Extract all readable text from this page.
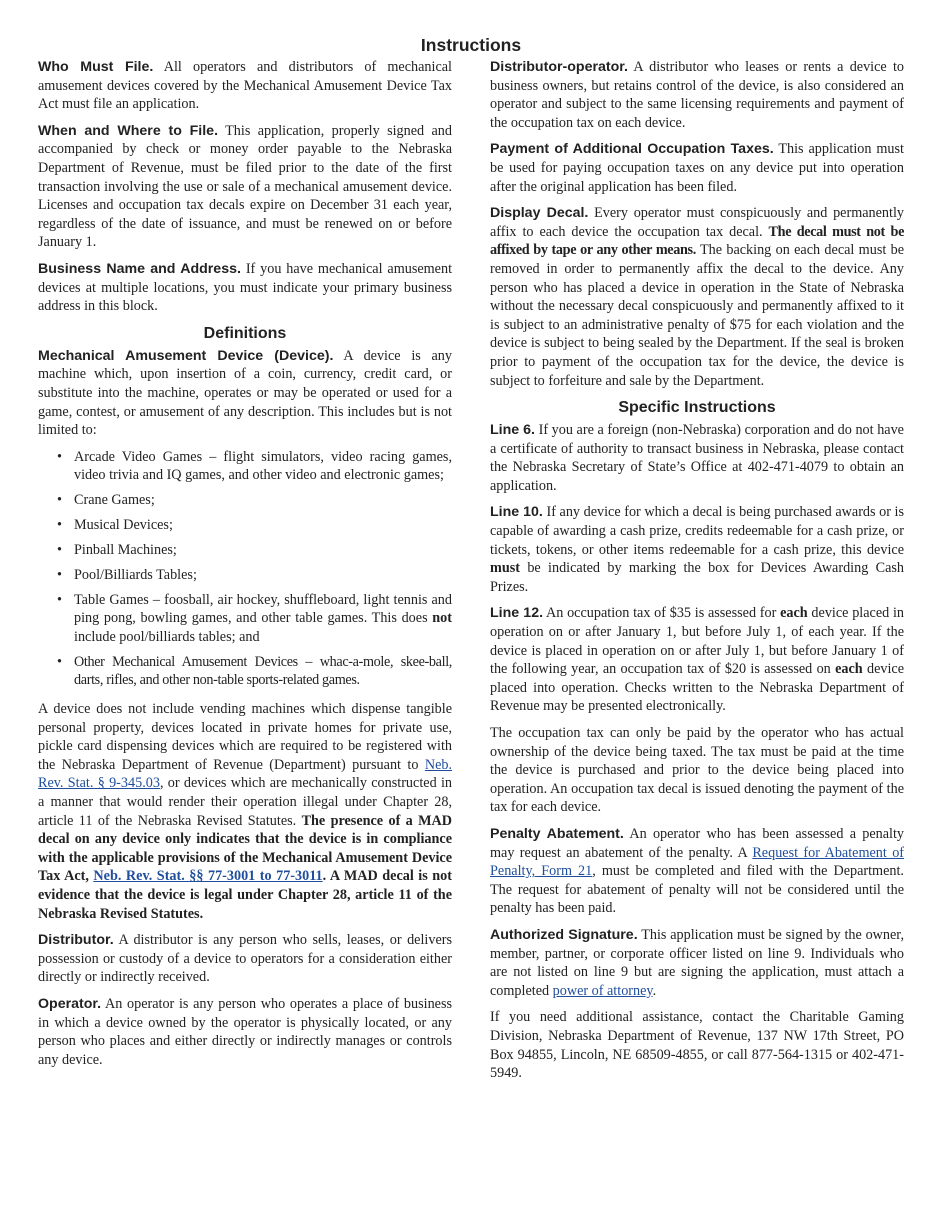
Instructions

Who Must File. All operators and distributors of mechanical amusement devices covered by the Mechanical Amusement Device Tax Act must file an application.

When and Where to File. This application, properly signed and accompanied by check or money order payable to the Nebraska Department of Revenue, must be filed prior to the date of the first transaction involving the use or sale of a mechanical amusement device. Licenses and occupation tax decals expire on December 31 each year, regardless of the date of issuance, and must be renewed on or before January 1.

Business Name and Address. If you have mechanical amusement devices at multiple locations, you must indicate your primary business address in this block.

Definitions

Mechanical Amusement Device (Device). A device is any machine which, upon insertion of a coin, currency, credit card, or substitute into the machine, operates or may be operated or used for a game, contest, or amusement of any description. This includes but is not limited to:

• Arcade Video Games – flight simulators, video racing games, video trivia and IQ games, and other video and electronic games;
• Crane Games;
• Musical Devices;
• Pinball Machines;
• Pool/Billiards Tables;
• Table Games – foosball, air hockey, shuffleboard, light tennis and ping pong, bowling games, and other table games. This does not include pool/billiards tables; and
• Other Mechanical Amusement Devices – whac-a-mole, skee-ball, darts, rifles, and other non-table sports-related games.

A device does not include vending machines which dispense tangible personal property, devices located in private homes for private use, pickle card dispensing devices which are required to be registered with the Nebraska Department of Revenue (Department) pursuant to Neb. Rev. Stat. § 9-345.03, or devices which are mechanically constructed in a manner that would render their operation illegal under Chapter 28, article 11 of the Nebraska Revised Statutes. The presence of a MAD decal on any device only indicates that the device is in compliance with the applicable provisions of the Mechanical Amusement Device Tax Act, Neb. Rev. Stat. §§ 77-3001 to 77-3011. A MAD decal is not evidence that the device is legal under Chapter 28, article 11 of the Nebraska Revised Statutes.

Distributor. A distributor is any person who sells, leases, or delivers possession or custody of a device to operators for a consideration either directly or indirectly received.

Operator. An operator is any person who operates a place of business in which a device owned by the operator is physically located, or any person who places and either directly or indirectly manages or controls any device.

Distributor-operator. A distributor who leases or rents a device to business owners, but retains control of the device, is also considered an operator and subject to the same licensing requirements and payment of the occupation tax on each device.

Payment of Additional Occupation Taxes. This application must be used for paying occupation taxes on any device put into operation after the original application has been filed.

Display Decal. Every operator must conspicuously and permanently affix to each device the occupation tax decal. The decal must not be affixed by tape or any other means. The backing on each decal must be removed in order to permanently affix the decal to the device. Any person who has placed a device in operation in the State of Nebraska without the necessary decal conspicuously and permanently affixed to it is subject to an administrative penalty of $75 for each violation and the device is subject to being sealed by the Department. If the seal is broken prior to payment of the occupation tax for the device, the device is subject to forfeiture and sale by the Department.

Specific Instructions

Line 6. If you are a foreign (non-Nebraska) corporation and do not have a certificate of authority to transact business in Nebraska, please contact the Nebraska Secretary of State’s Office at 402-471-4079 to obtain an application.

Line 10. If any device for which a decal is being purchased awards or is capable of awarding a cash prize, credits redeemable for a cash prize, or tickets, tokens, or other items redeemable for a cash prize, this device must be indicated by marking the box for Devices Awarding Cash Prizes.

Line 12. An occupation tax of $35 is assessed for each device placed in operation on or after January 1, but before July 1, of each year. If the device is placed in operation on or after July 1, but before January 1 of the following year, an occupation tax of $20 is assessed on each device placed into operation. Checks written to the Nebraska Department of Revenue may be presented electronically.

The occupation tax can only be paid by the operator who has actual ownership of the device being taxed. The tax must be paid at the time the device is purchased and prior to the device being placed into operation. An occupation tax decal is issued denoting the payment of the tax for each device.

Penalty Abatement. An operator who has been assessed a penalty may request an abatement of the penalty. A Request for Abatement of Penalty, Form 21, must be completed and filed with the Department. The request for abatement of penalty will not be considered until the penalty has been paid.

Authorized Signature. This application must be signed by the owner, member, partner, or corporate officer listed on line 9. Individuals who are not listed on line 9 but are signing the application, must attach a completed power of attorney.

If you need additional assistance, contact the Charitable Gaming Division, Nebraska Department of Revenue, 137 NW 17th Street, PO Box 94855, Lincoln, NE 68509-4855, or call 877-564-1315 or 402-471-5949.
